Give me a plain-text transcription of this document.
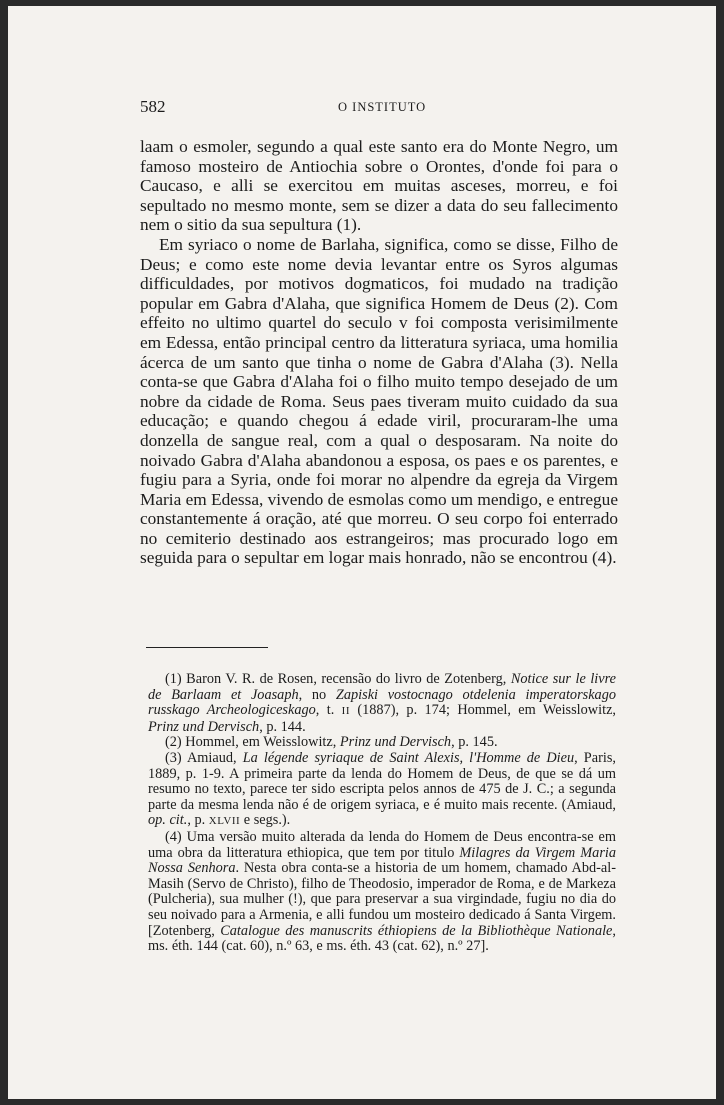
582	O INSTITUTO

laam o esmoler, segundo a qual este santo era do Monte Negro, um famoso mosteiro de Antiochia sobre o Orontes, d'onde foi para o Caucaso, e alli se exercitou em muitas asceses, morreu, e foi sepultado no mesmo monte, sem se dizer a data do seu fallecimento nem o sitio da sua sepultura (1).

Em syriaco o nome de Barlaha, significa, como se disse, Filho de Deus; e como este nome devia levantar entre os Syros algumas difficuldades, por motivos dogmaticos, foi mudado na tradição popular em Gabra d'Alaha, que significa Homem de Deus (2). Com effeito no ultimo quartel do seculo v foi composta verisimilmente em Edessa, então principal centro da litteratura syriaca, uma homilia ácerca de um santo que tinha o nome de Gabra d'Alaha (3). Nella conta-se que Gabra d'Alaha foi o filho muito tempo desejado de um nobre da cidade de Roma. Seus paes tiveram muito cuidado da sua educação; e quando chegou á edade viril, procuraram-lhe uma donzella de sangue real, com a qual o desposaram. Na noite do noivado Gabra d'Alaha abandonou a esposa, os paes e os parentes, e fugiu para a Syria, onde foi morar no alpendre da egreja da Virgem Maria em Edessa, vivendo de esmolas como um mendigo, e entregue constantemente á oração, até que morreu. O seu corpo foi enterrado no cemiterio destinado aos estrangeiros; mas procurado logo em seguida para o sepultar em logar mais honrado, não se encontrou (4).

(1) Baron V. R. de Rosen, recensão do livro de Zotenberg, Notice sur le livre de Barlaam et Joasaph, no Zapiski vostocnago otdelenia imperatorskago russkago Archeologiceskago, t. II (1887), p. 174; Hommel, em Weisslowitz, Prinz und Dervisch, p. 144.

(2) Hommel, em Weisslowitz, Prinz und Dervisch, p. 145.

(3) Amiaud, La légende syriaque de Saint Alexis, l'Homme de Dieu, Paris, 1889, p. 1-9. A primeira parte da lenda do Homem de Deus, de que se dá um resumo no texto, parece ter sido escripta pelos annos de 475 de J. C.; a segunda parte da mesma lenda não é de origem syriaca, e é muito mais recente. (Amiaud, op. cit., p. XLVII e segs.).

(4) Uma versão muito alterada da lenda do Homem de Deus encontra-se em uma obra da litteratura ethiopica, que tem por titulo Milagres da Virgem Maria Nossa Senhora. Nesta obra conta-se a historia de um homem, chamado Abd-al-Masih (Servo de Christo), filho de Theodosio, imperador de Roma, e de Markeza (Pulcheria), sua mulher (!), que para preservar a sua virgindade, fugiu no dia do seu noivado para a Armenia, e alli fundou um mosteiro dedicado á Santa Virgem. [Zotenberg, Catalogue des manuscrits éthiopiens de la Bibliothèque Nationale, ms. éth. 144 (cat. 60), n.º 63, e ms. éth. 43 (cat. 62), n.º 27].
